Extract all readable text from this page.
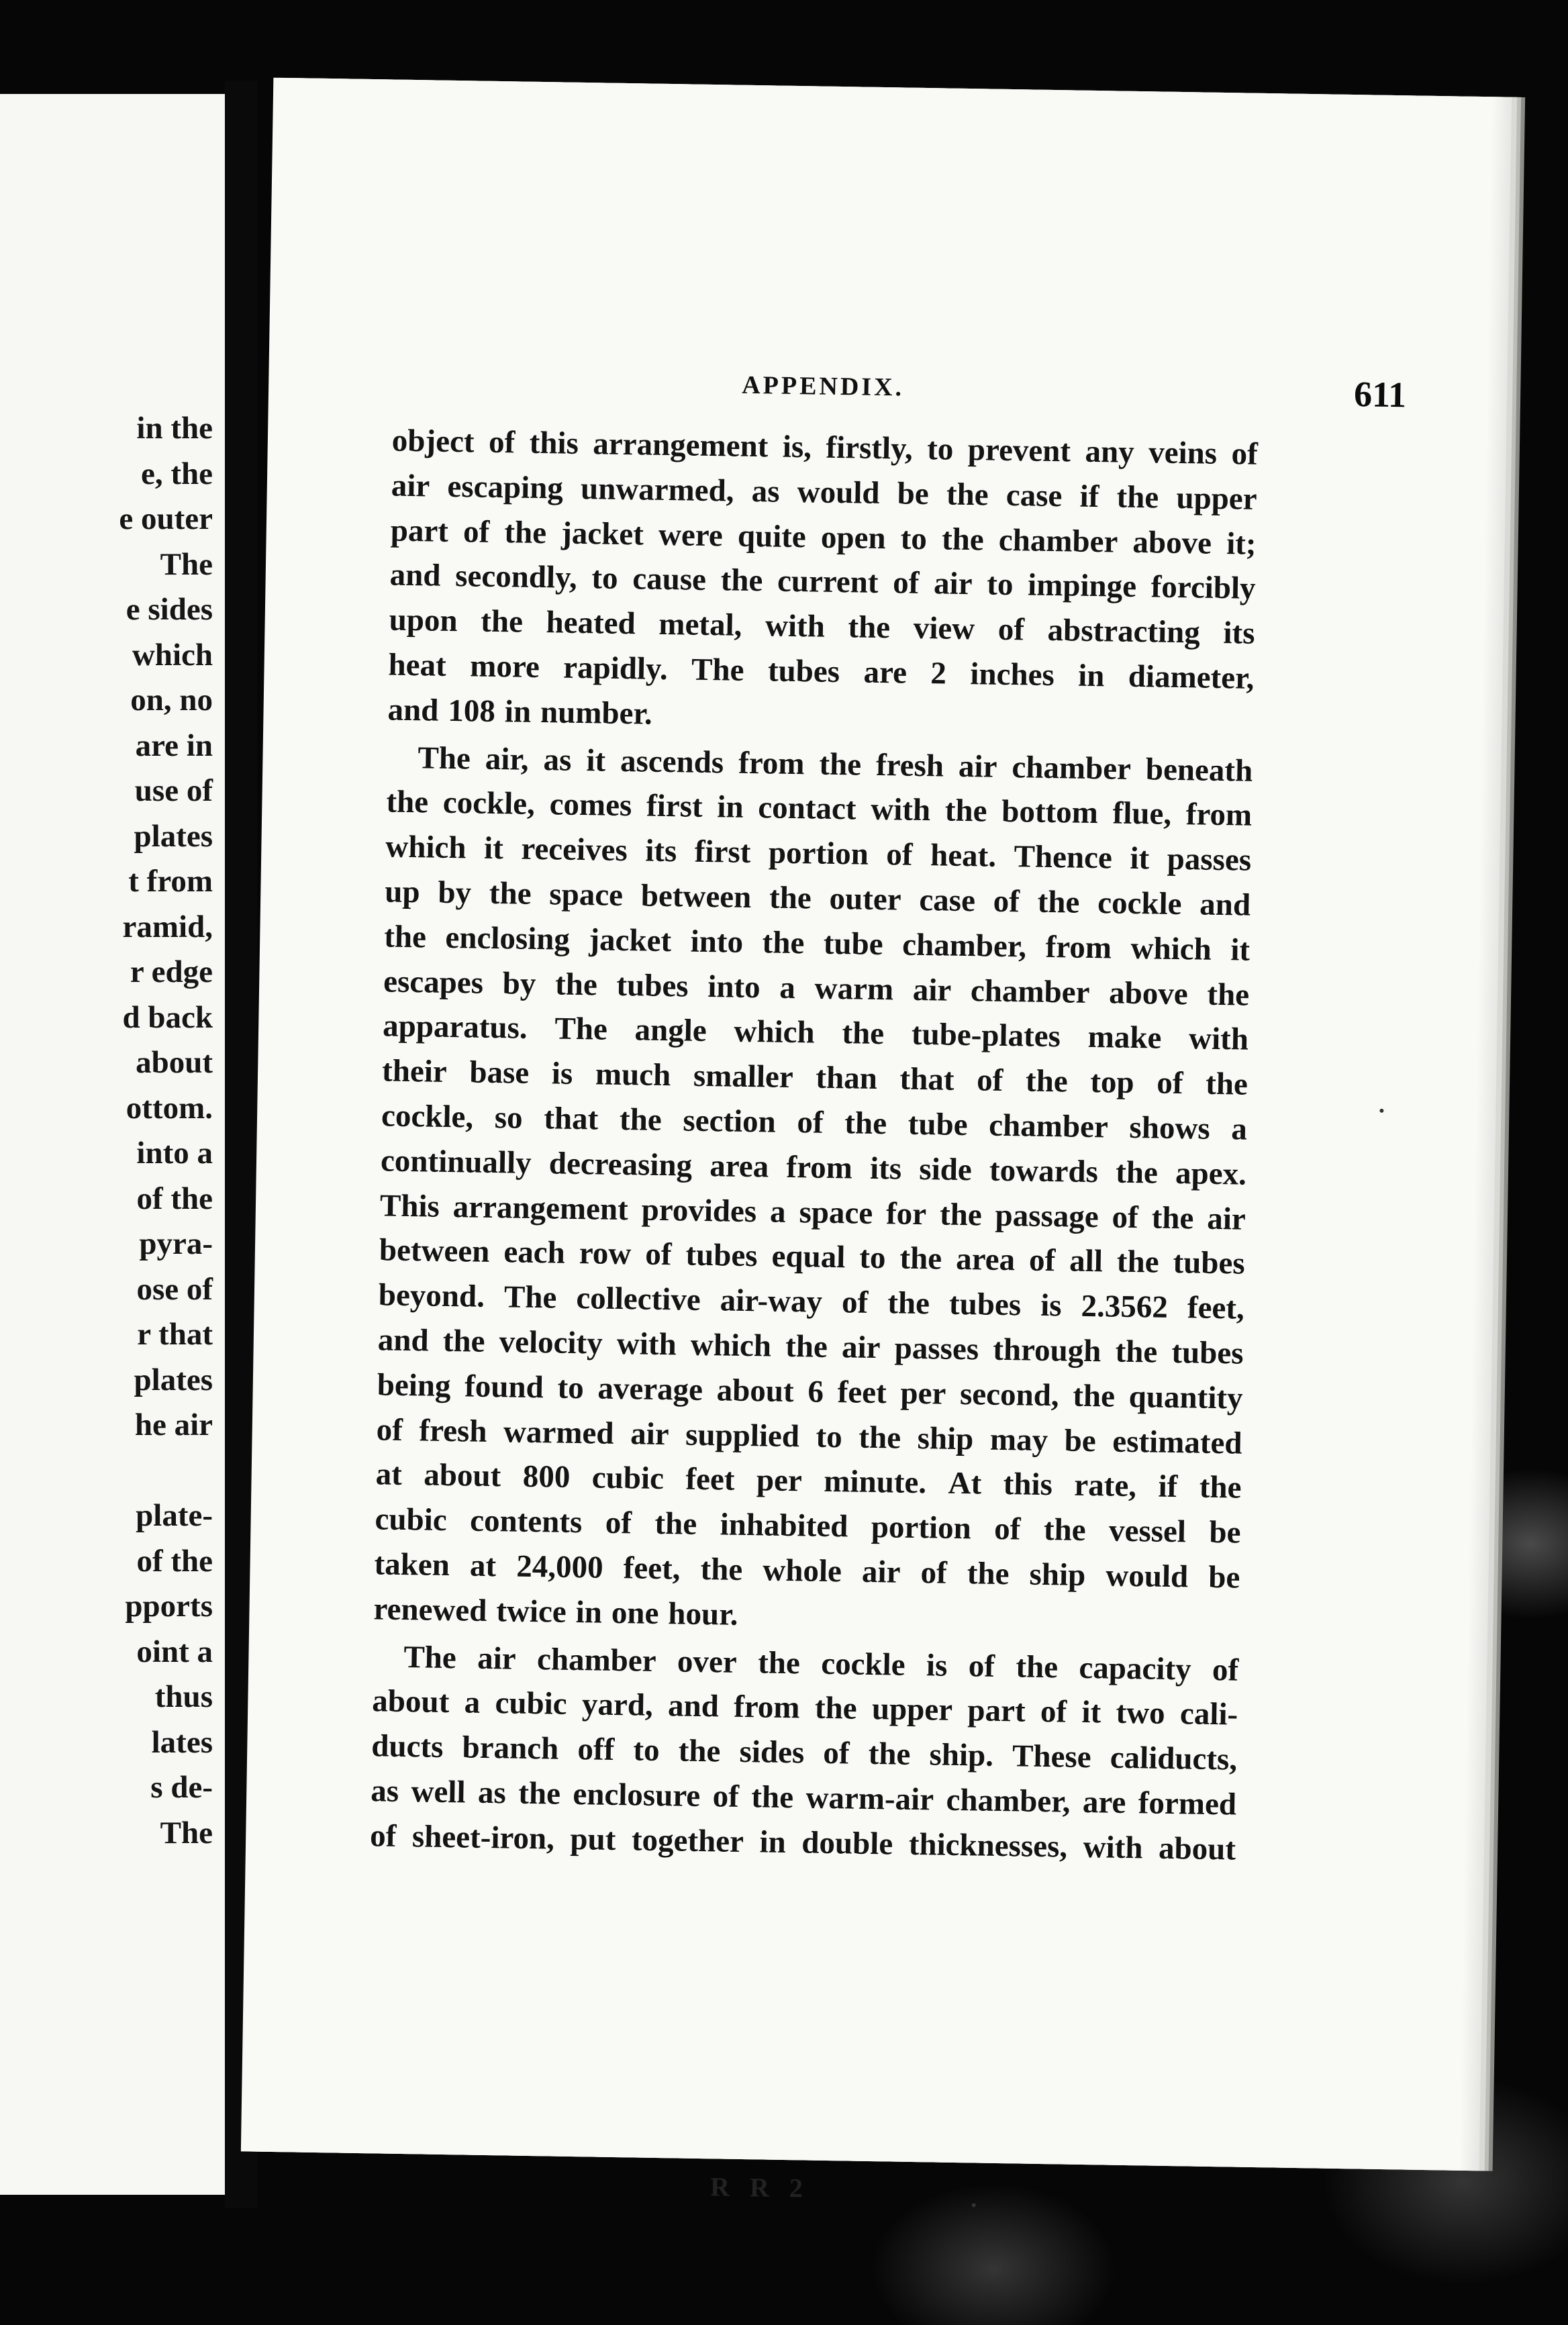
in the
e, the
e outer
The
e sides
which
on, no
are in
use of
plates
t from
ramid,
r edge
d back
about
ottom.
into a
of the
pyra-
ose of
r that
plates
he air
plate-
of the
pports
oint a
thus
lates
s de-
The
APPENDIX.	611
object of this arrangement is, firstly, to prevent any veins of
air escaping unwarmed, as would be the case if the upper
part of the jacket were quite open to the chamber above it;
and secondly, to cause the current of air to impinge forcibly
upon the heated metal, with the view of abstracting its
heat more rapidly. The tubes are 2 inches in diameter,
and 108 in number.
The air, as it ascends from the fresh air chamber beneath
the cockle, comes first in contact with the bottom flue, from
which it receives its first portion of heat. Thence it passes
up by the space between the outer case of the cockle and
the enclosing jacket into the tube chamber, from which it
escapes by the tubes into a warm air chamber above the
apparatus. The angle which the tube-plates make with
their base is much smaller than that of the top of the
cockle, so that the section of the tube chamber shows a
continually decreasing area from its side towards the apex.
This arrangement provides a space for the passage of the air
between each row of tubes equal to the area of all the tubes
beyond. The collective air-way of the tubes is 2.3562 feet,
and the velocity with which the air passes through the tubes
being found to average about 6 feet per second, the quantity
of fresh warmed air supplied to the ship may be estimated
at about 800 cubic feet per minute. At this rate, if the
cubic contents of the inhabited portion of the vessel be
taken at 24,000 feet, the whole air of the ship would be
renewed twice in one hour.
The air chamber over the cockle is of the capacity of
about a cubic yard, and from the upper part of it two cali-
ducts branch off to the sides of the ship. These caliducts,
as well as the enclosure of the warm-air chamber, are formed
of sheet-iron, put together in double thicknesses, with about
R R 2
